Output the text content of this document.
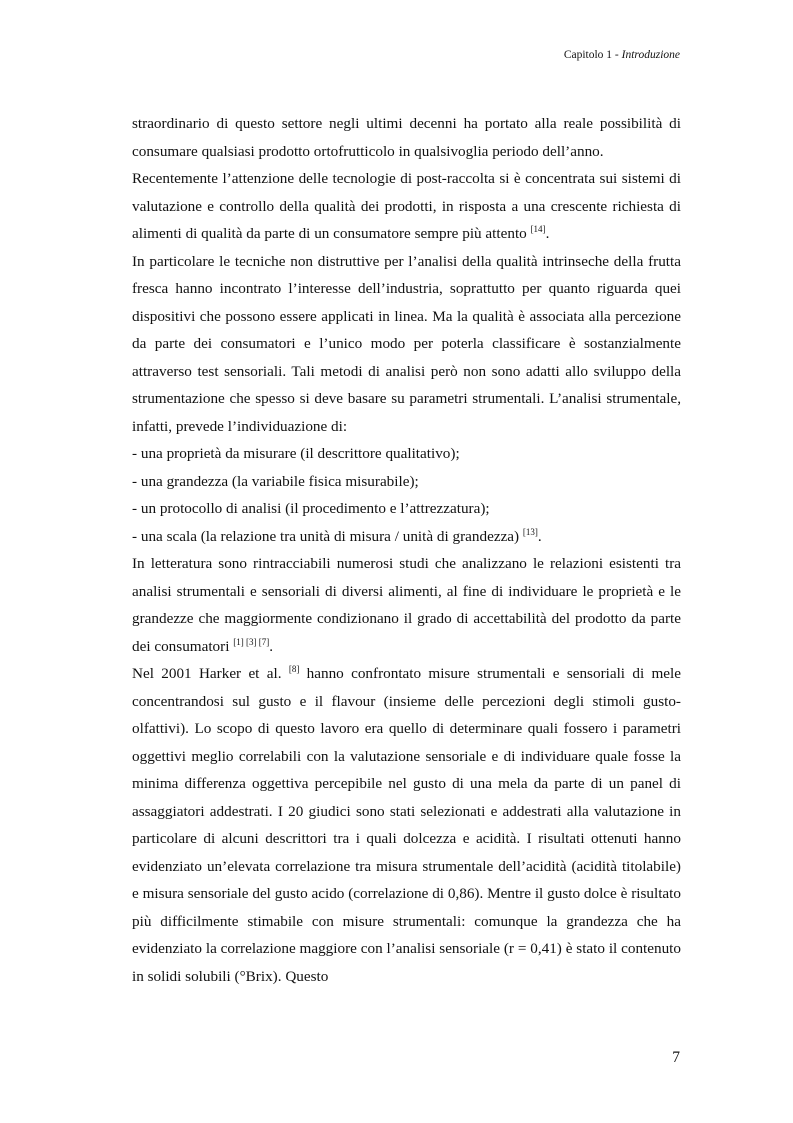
Capitolo 1 - Introduzione

straordinario di questo settore negli ultimi decenni ha portato alla reale possibilità di consumare qualsiasi prodotto ortofrutticolo in qualsivoglia periodo dell’anno.

Recentemente l’attenzione delle tecnologie di post-raccolta si è concentrata sui sistemi di valutazione e controllo della qualità dei prodotti, in risposta a una crescente richiesta di alimenti di qualità da parte di un consumatore sempre più attento [14].

In particolare le tecniche non distruttive per l’analisi della qualità intrinseche della frutta fresca hanno incontrato l’interesse dell’industria, soprattutto per quanto riguarda quei dispositivi che possono essere applicati in linea. Ma la qualità è associata alla percezione da parte dei consumatori e l’unico modo per poterla classificare è sostanzialmente attraverso test sensoriali. Tali metodi di analisi però non sono adatti allo sviluppo della strumentazione che spesso si deve basare su parametri strumentali. L’analisi strumentale, infatti, prevede l’individuazione di:

- una proprietà da misurare (il descrittore qualitativo);

- una grandezza (la variabile fisica misurabile);

- un protocollo di analisi (il procedimento e l’attrezzatura);

- una scala (la relazione tra unità di misura / unità di grandezza) [13].

In letteratura sono rintracciabili numerosi studi che analizzano le relazioni esistenti tra analisi strumentali e sensoriali di diversi alimenti, al fine di individuare le proprietà e le grandezze che maggiormente condizionano il grado di accettabilità del prodotto da parte dei consumatori [1] [3] [7].

Nel 2001 Harker et al. [8] hanno confrontato misure strumentali e sensoriali di mele concentrandosi sul gusto e il flavour (insieme delle percezioni degli stimoli gusto-olfattivi). Lo scopo di questo lavoro era quello di determinare quali fossero i parametri oggettivi meglio correlabili con la valutazione sensoriale e di individuare quale fosse la minima differenza oggettiva percepibile nel gusto di una mela da parte di un panel di assaggiatori addestrati. I 20 giudici sono stati selezionati e addestrati alla valutazione in particolare di alcuni descrittori tra i quali dolcezza e acidità. I risultati ottenuti hanno evidenziato un’elevata correlazione tra misura strumentale dell’acidità (acidità titolabile) e misura sensoriale del gusto acido (correlazione di 0,86). Mentre il gusto dolce è risultato più difficilmente stimabile con misure strumentali: comunque la grandezza che ha evidenziato la correlazione maggiore con l’analisi sensoriale (r = 0,41) è stato il contenuto in solidi solubili (°Brix). Questo

7
